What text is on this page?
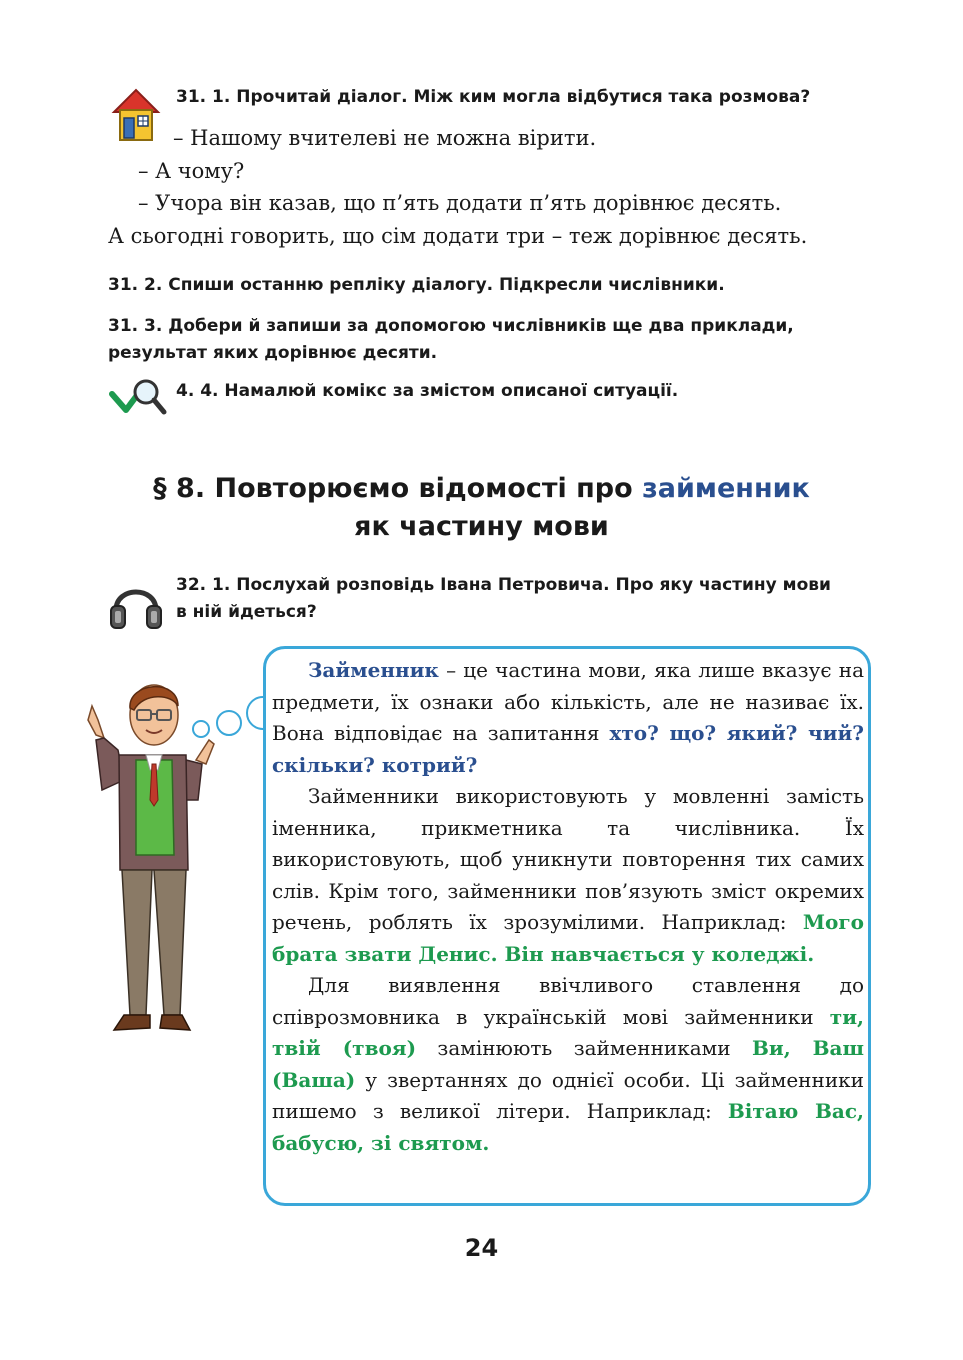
31. 1. Прочитай діалог. Між ким могла відбутися така розмова?
– Нашому вчителеві не можна вірити.
– А чому?
– Учора він казав, що п’ять додати п’ять дорівнює десять.
А сьогодні говорить, що сім додати три – теж дорівнює десять.
31. 2. Спиши останню репліку діалогу. Підкресли числівники.
31. 3. Добери й запиши за допомогою числівників ще два приклади,
результат яких дорівнює десяти.
4. 4. Намалюй комікс за змістом описаної ситуації.
§ 8. Повторюємо відомості про займенник
як частину мови
32. 1. Послухай розповідь Івана Петровича. Про яку частину мови
в ній йдеться?

Займенник – це частина мови, яка лише вказує на предмети, їх ознаки або кількість, але не називає їх. Вона відповідає на запитання хто? що? який? чий? скільки? котрий?

Займенники використовують у мовленні замість іменника, прикметника та числівника. Їх використовують, щоб уникнути повторення тих самих слів. Крім того, займенники пов’язують зміст окремих речень, роблять їх зрозумілими. Наприклад: Мого брата звати Денис. Він навчається у коледжі.

Для виявлення ввічливого ставлення до співрозмовника в українській мові займенники ти, твій (твоя) замінюють займенниками Ви, Ваш (Ваша) у звертаннях до однієї особи. Ці займенники пишемо з великої літери. Наприклад: Вітаю Вас, бабусю, зі святом.

24
